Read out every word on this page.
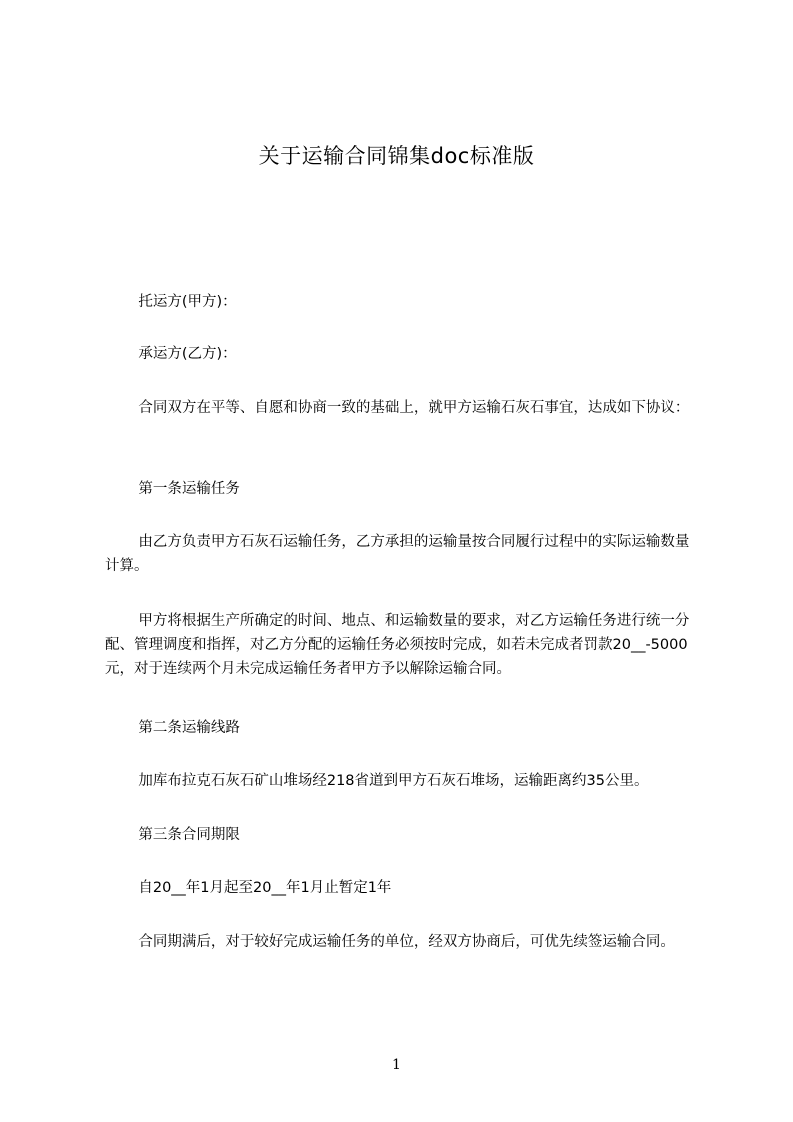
关于运输合同锦集doc标准版

托运方(甲方)：

承运方(乙方)：

合同双方在平等、自愿和协商一致的基础上，就甲方运输石灰石事宜，达成如下协议：

第一条运输任务

由乙方负责甲方石灰石运输任务，乙方承担的运输量按合同履行过程中的实际运输数量计算。

甲方将根据生产所确定的时间、地点、和运输数量的要求，对乙方运输任务进行统一分配、管理调度和指挥，对乙方分配的运输任务必须按时完成，如若未完成者罚款20__-5000元，对于连续两个月未完成运输任务者甲方予以解除运输合同。

第二条运输线路

加库布拉克石灰石矿山堆场经218省道到甲方石灰石堆场，运输距离约35公里。

第三条合同期限

自20__年1月起至20__年1月止暂定1年

合同期满后，对于较好完成运输任务的单位，经双方协商后，可优先续签运输合同。

1
